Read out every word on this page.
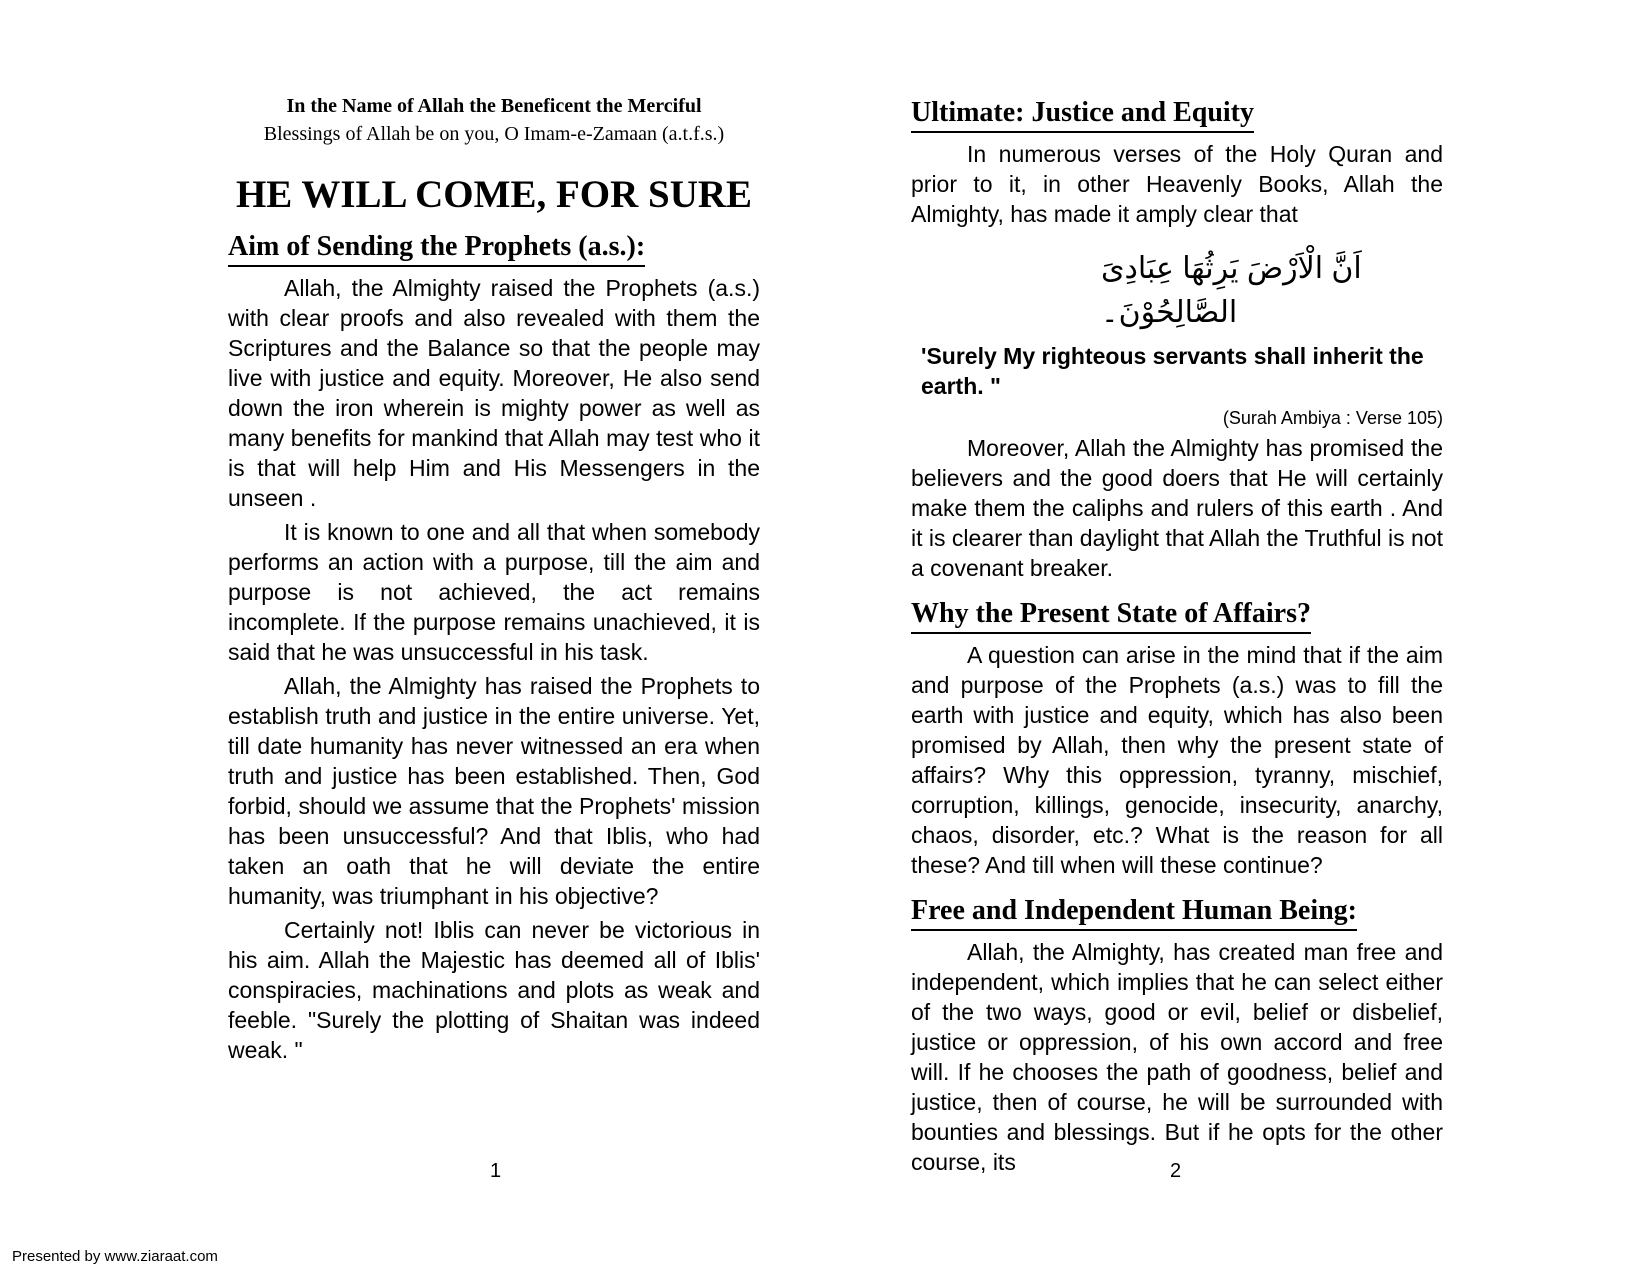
In the Name of Allah the Beneficent the Merciful
Blessings of Allah be on you, O Imam-e-Zamaan (a.t.f.s.)
HE WILL COME, FOR SURE
Aim of Sending the Prophets (a.s.):

Allah, the Almighty raised the Prophets (a.s.) with clear proofs and also revealed with them the Scriptures and the Balance so that the people may live with justice and equity. Moreover, He also send down the iron wherein is mighty power as well as many benefits for mankind that Allah may test who it is that will help Him and His Messengers in the unseen .

It is known to one and all that when somebody performs an action with a purpose, till the aim and purpose is not achieved, the act remains incomplete. If the purpose remains unachieved, it is said that he was unsuccessful in his task.

Allah, the Almighty has raised the Prophets to establish truth and justice in the entire universe. Yet, till date humanity has never witnessed an era when truth and justice has been established. Then, God forbid, should we assume that the Prophets' mission has been unsuccessful? And that Iblis, who had taken an oath that he will deviate the entire humanity, was triumphant in his objective?

Certainly not! Iblis can never be victorious in his aim. Allah the Majestic has deemed all of Iblis' conspiracies, machinations and plots as weak and feeble. "Surely the plotting of Shaitan was indeed weak. "

1
Ultimate: Justice and Equity

In numerous verses of the Holy Quran and prior to it, in other Heavenly Books, Allah the Almighty, has made it amply clear that

اَنَّ الْاَرْضَ يَرِثُهَا عِبَادِىَ الصَّالِحُوْنَ۔
'Surely My righteous servants shall inherit the earth. "
(Surah Ambiya : Verse 105)

Moreover, Allah the Almighty has promised the believers and the good doers that He will certainly make them the caliphs and rulers of this earth . And it is clearer than daylight that Allah the Truthful is not a covenant breaker.

Why the Present State of Affairs?

A question can arise in the mind that if the aim and purpose of the Prophets (a.s.) was to fill the earth with justice and equity, which has also been promised by Allah, then why the present state of affairs? Why this oppression, tyranny, mischief, corruption, killings, genocide, insecurity, anarchy, chaos, disorder, etc.? What is the reason for all these? And till when will these continue?

Free and Independent Human Being:

Allah, the Almighty, has created man free and independent, which implies that he can select either of the two ways, good or evil, belief or disbelief, justice or oppression, of his own accord and free will. If he chooses the path of goodness, belief and justice, then of course, he will be surrounded with bounties and blessings. But if he opts for the other course, its	2
Presented by www.ziaraat.com
